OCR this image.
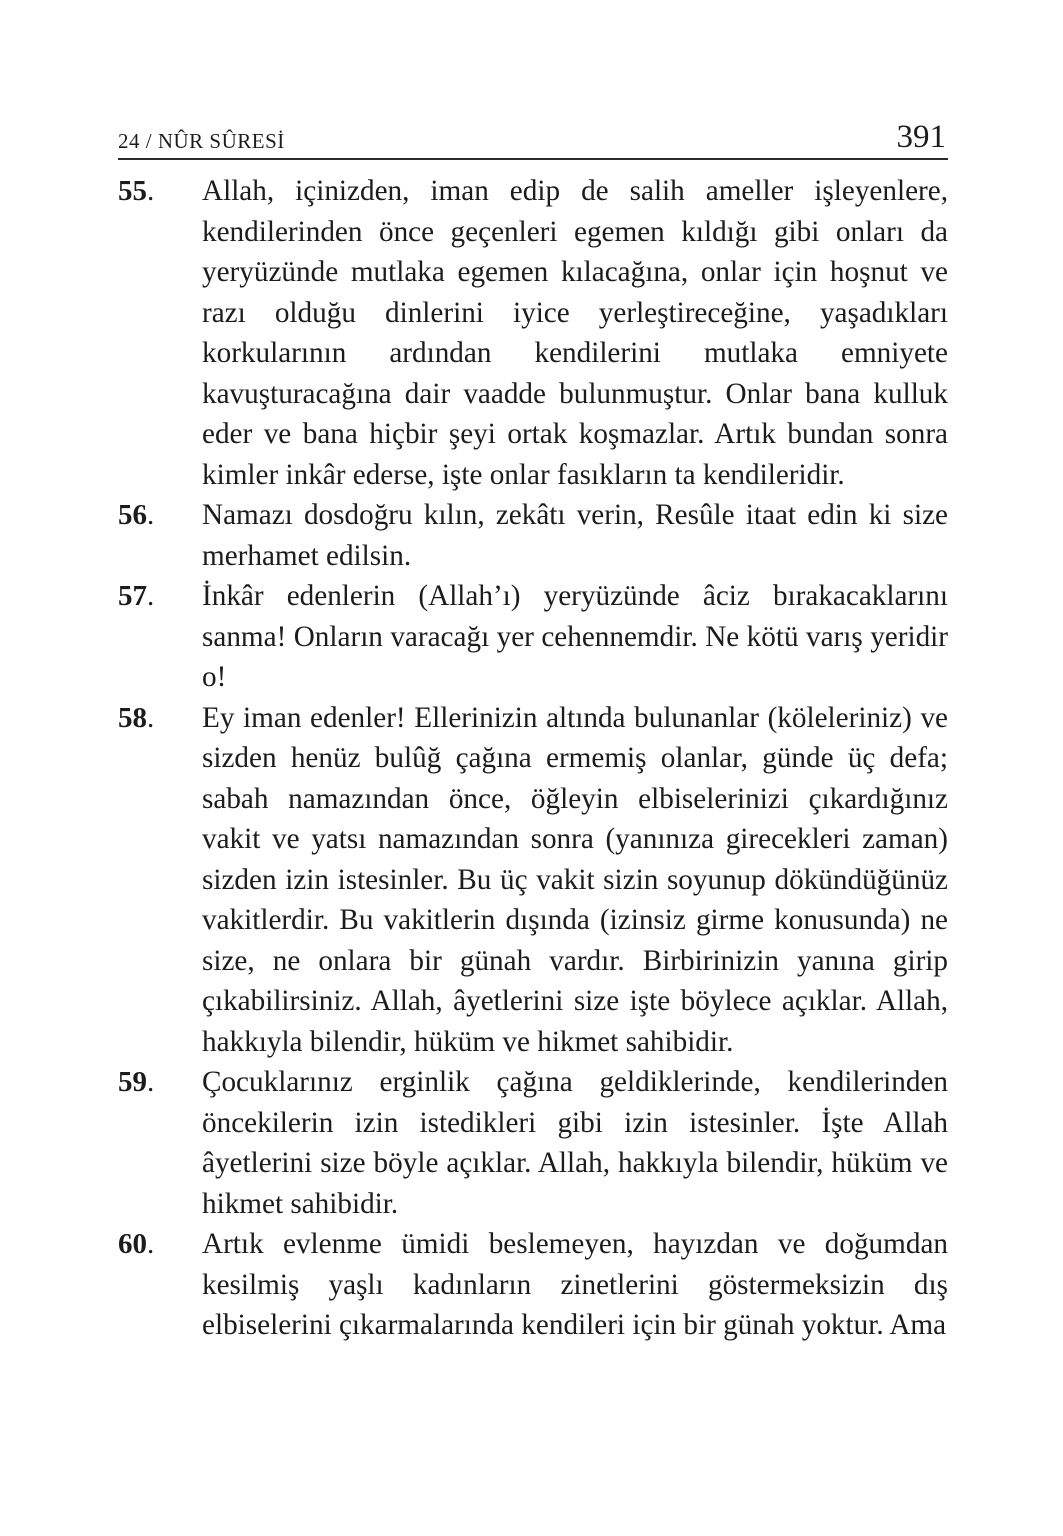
24 / NÛR SÛRESİ	391
55.	Allah, içinizden, iman edip de salih ameller işleyenlere, kendilerinden önce geçenleri egemen kıldığı gibi onları da yeryüzünde mutlaka egemen kılacağına, onlar için hoşnut ve razı olduğu dinlerini iyice yerleştireceğine, yaşadıkları korkularının ardından kendilerini mutlaka emniyete kavuşturacağına dair vaadde bulunmuştur. Onlar bana kulluk eder ve bana hiçbir şeyi ortak koşmazlar. Artık bundan sonra kimler inkâr ederse, işte onlar fasıkların ta kendileridir.
56.	Namazı dosdoğru kılın, zekâtı verin, Resûle itaat edin ki size merhamet edilsin.
57.	İnkâr edenlerin (Allah’ı) yeryüzünde âciz bırakacaklarını sanma! Onların varacağı yer cehennemdir. Ne kötü varış yeridir o!
58.	Ey iman edenler! Ellerinizin altında bulunanlar (köleleriniz) ve sizden henüz bulûğ çağına ermemiş olanlar, günde üç defa; sabah namazından önce, öğleyin elbiselerinizi çıkardığınız vakit ve yatsı namazından sonra (yanınıza girecekleri zaman) sizden izin istesinler. Bu üç vakit sizin soyunup dökündüğünüz vakitlerdir. Bu vakitlerin dışında (izinsiz girme konusunda) ne size, ne onlara bir günah vardır. Birbirinizin yanına girip çıkabilirsiniz. Allah, âyetlerini size işte böylece açıklar. Allah, hakkıyla bilendir, hüküm ve hikmet sahibidir.
59.	Çocuklarınız erginlik çağına geldiklerinde, kendilerinden öncekilerin izin istedikleri gibi izin istesinler. İşte Allah âyetlerini size böyle açıklar. Allah, hakkıyla bilendir, hüküm ve hikmet sahibidir.
60.	Artık evlenme ümidi beslemeyen, hayızdan ve doğumdan kesilmiş yaşlı kadınların zinetlerini göstermeksizin dış elbiselerini çıkarmalarında kendileri için bir günah yoktur. Ama
